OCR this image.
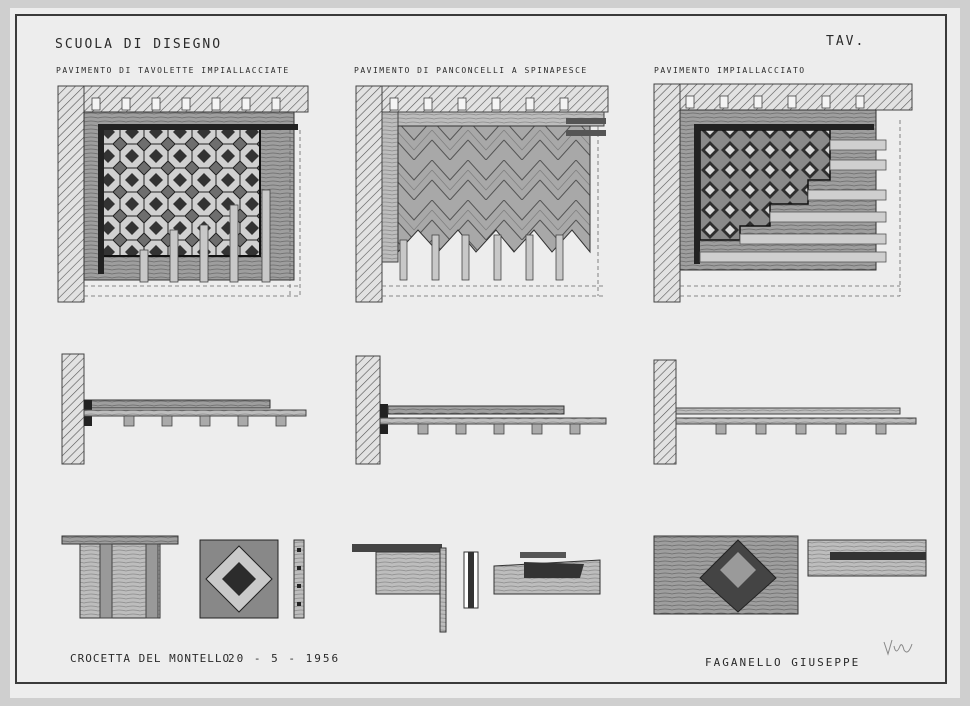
SCUOLA DI DISEGNO	TAV.
PAVIMENTO DI TAVOLETTE IMPIALLACCIATE	PAVIMENTO DI PANCONCELLI A SPINAPESCE	PAVIMENTO IMPIALLACCIATO
CROCETTA DEL MONTELLO
20 - 5 - 1956	FAGANELLO GIUSEPPE
